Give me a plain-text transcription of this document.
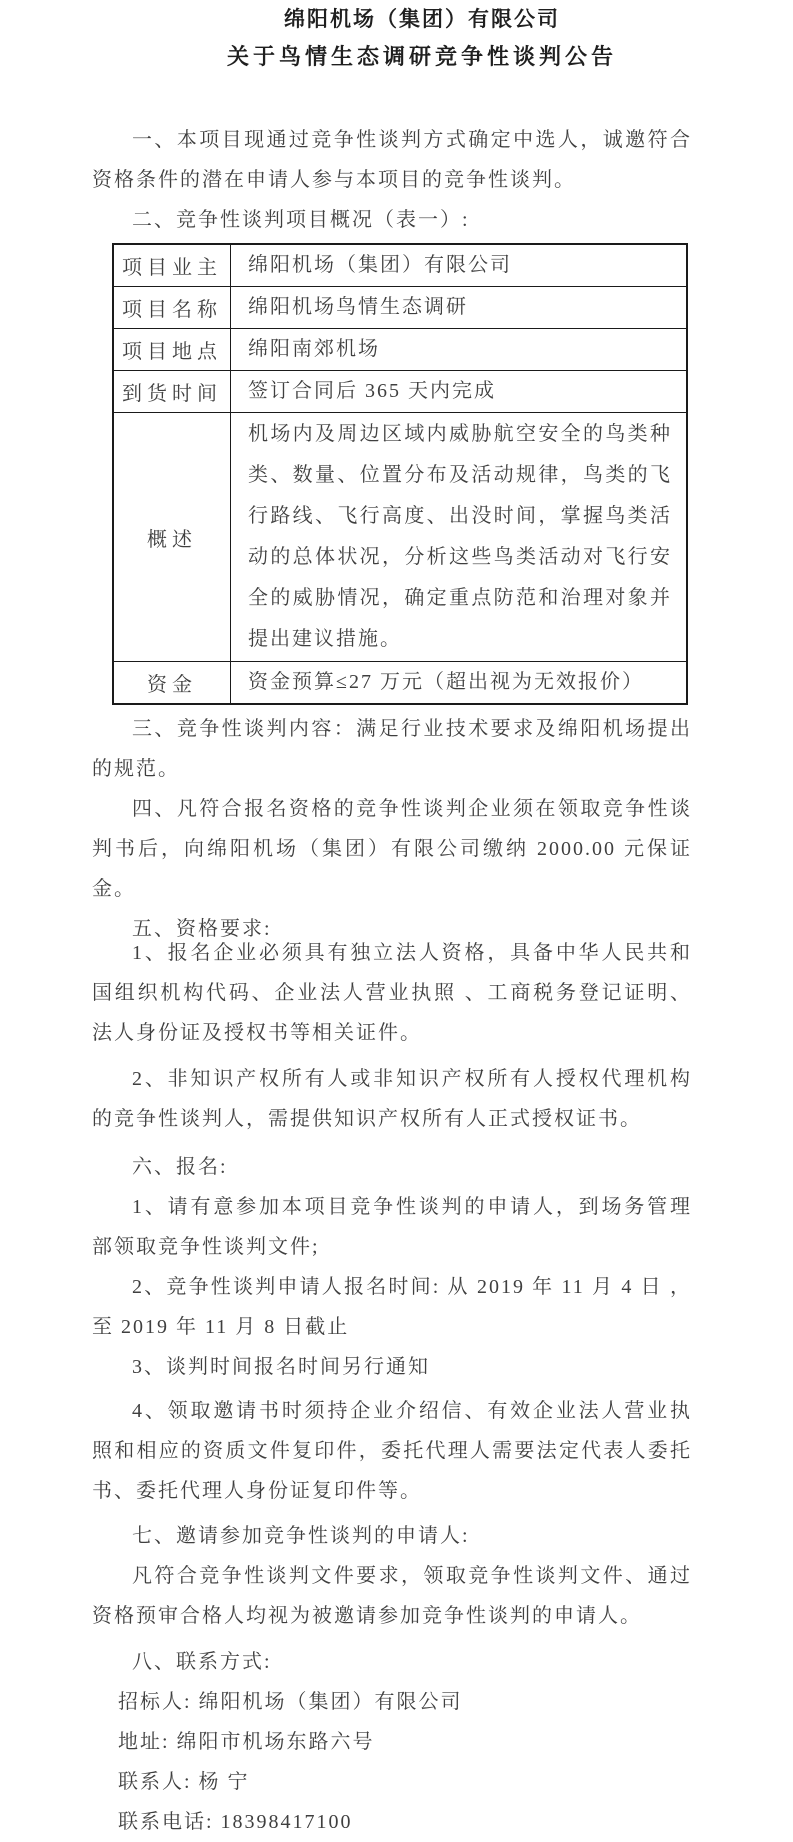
绵阳机场（集团）有限公司
关于鸟情生态调研竞争性谈判公告

一、本项目现通过竞争性谈判方式确定中选人，诚邀符合资格条件的潜在申请人参与本项目的竞争性谈判。

二、竞争性谈判项目概况（表一）:

项目业主	绵阳机场（集团）有限公司
项目名称	绵阳机场鸟情生态调研
项目地点	绵阳南郊机场
到货时间	签订合同后 365 天内完成
概述	机场内及周边区域内威胁航空安全的鸟类种类、数量、位置分布及活动规律，鸟类的飞行路线、飞行高度、出没时间，掌握鸟类活动的总体状况，分析这些鸟类活动对飞行安全的威胁情况，确定重点防范和治理对象并提出建议措施。
资金	资金预算≤27 万元（超出视为无效报价）

三、竞争性谈判内容：满足行业技术要求及绵阳机场提出的规范。

四、凡符合报名资格的竞争性谈判企业须在领取竞争性谈判书后，向绵阳机场（集团）有限公司缴纳 2000.00 元保证金。

五、资格要求:

1、报名企业必须具有独立法人资格，具备中华人民共和国组织机构代码、企业法人营业执照 、工商税务登记证明、法人身份证及授权书等相关证件。

2、非知识产权所有人或非知识产权所有人授权代理机构的竞争性谈判人，需提供知识产权所有人正式授权证书。

六、报名:

1、请有意参加本项目竞争性谈判的申请人，到场务管理部领取竞争性谈判文件;

2、竞争性谈判申请人报名时间: 从 2019 年 11 月 4 日 ，至 2019 年 11 月 8 日截止

3、谈判时间报名时间另行通知

4、领取邀请书时须持企业介绍信、有效企业法人营业执照和相应的资质文件复印件，委托代理人需要法定代表人委托书、委托代理人身份证复印件等。

七、邀请参加竞争性谈判的申请人:

凡符合竞争性谈判文件要求，领取竞争性谈判文件、通过资格预审合格人均视为被邀请参加竞争性谈判的申请人。

八、联系方式:

招标人: 绵阳机场（集团）有限公司

地址: 绵阳市机场东路六号

联系人: 杨 宁

联系电话: 18398417100
